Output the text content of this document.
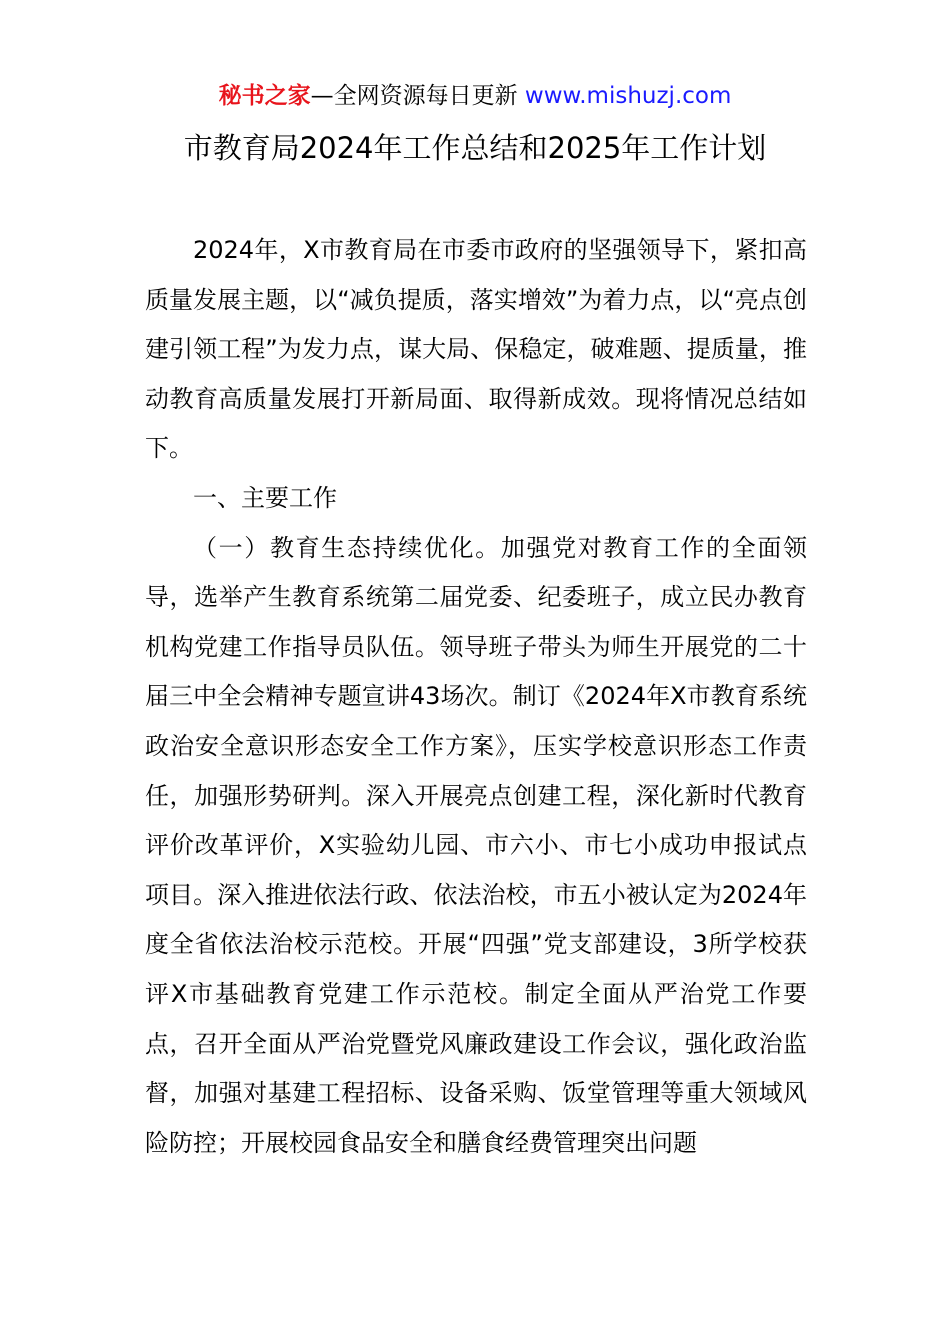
秘书之家—全网资源每日更新 www.mishuzj.com
市教育局2024年工作总结和2025年工作计划

2024年，X市教育局在市委市政府的坚强领导下，紧扣高质量发展主题，以“减负提质，落实增效”为着力点，以“亮点创建引领工程”为发力点，谋大局、保稳定，破难题、提质量，推动教育高质量发展打开新局面、取得新成效。现将情况总结如下。

一、主要工作

（一）教育生态持续优化。加强党对教育工作的全面领导，选举产生教育系统第二届党委、纪委班子，成立民办教育机构党建工作指导员队伍。领导班子带头为师生开展党的二十届三中全会精神专题宣讲43场次。制订《2024年X市教育系统政治安全意识形态安全工作方案》，压实学校意识形态工作责任，加强形势研判。深入开展亮点创建工程，深化新时代教育评价改革评价，X实验幼儿园、市六小、市七小成功申报试点项目。深入推进依法行政、依法治校，市五小被认定为2024年度全省依法治校示范校。开展“四强”党支部建设，3所学校获评X市基础教育党建工作示范校。制定全面从严治党工作要点，召开全面从严治党暨党风廉政建设工作会议，强化政治监督，加强对基建工程招标、设备采购、饭堂管理等重大领域风险防控；开展校园食品安全和膳食经费管理突出问题
